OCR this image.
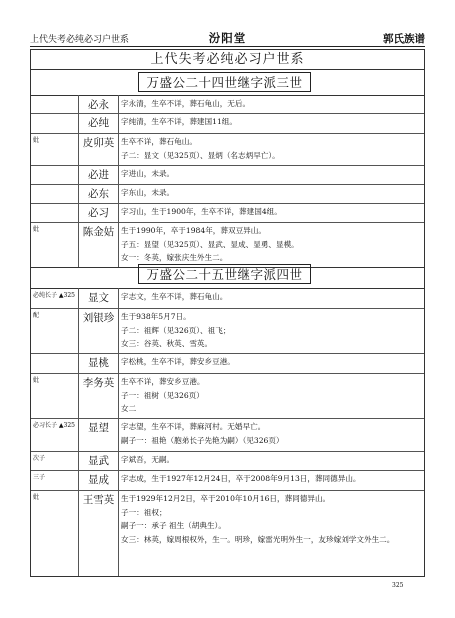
上代失考必纯必习户世系	汾阳堂	郭氏族谱
上代失考必纯必习户世系
万盛公二十四世继字派三世
必永	字永清，生卒不详，葬石龟山，无后。
必纯	字纯清，生卒不详，葬建国11组。
妣	皮卯英 生卒不详，葬石龟山。
子二：显文（见325页）、显炳（名志炳早亡）。
必进	字进山，未录。
必东	字东山，未录。
必习	字习山，生于1900年，生卒不详，葬建国4组。
妣	陈金姑 生于1990年，卒于1984年，葬双豆异山。
子五：显望（见325页）、显武、显成、显勇、显模。
女一：冬英，嫁张庆生外生二。
万盛公二十五世继字派四世
必纯长子 ▲325	显文	字志文，生卒不详，葬石龟山。
配	刘银珍 生于938年5月7日。
子二：祖辉（见326页）、祖飞；
女三：谷英、秋英、雪英。
显桃	字松桃，生卒不详，葬安乡豆港。
妣	李务英 生卒不详，葬安乡豆港。
子一：祖树（见326页）
女二
必习长子 ▲325	显望	字志望，生卒不详，葬麻河村。无婚早亡。
嗣子一：祖艳（胞弟长子先艳为嗣）（见326页）
次子	显武	字斌吾，无嗣。
三子	显成	字志成，生于1927年12月24日，卒于2008年9月13日，葬同德异山。
妣	王雪英 生于1929年12月2日，卒于2010年10月16日，葬同德异山。
子一：祖权；
嗣子一：承子 祖生（胡典生）。
女三：林英，嫁周根权外，生一。明珍，嫁雷光明外生一，友珍嫁刘学文外生二。
325
